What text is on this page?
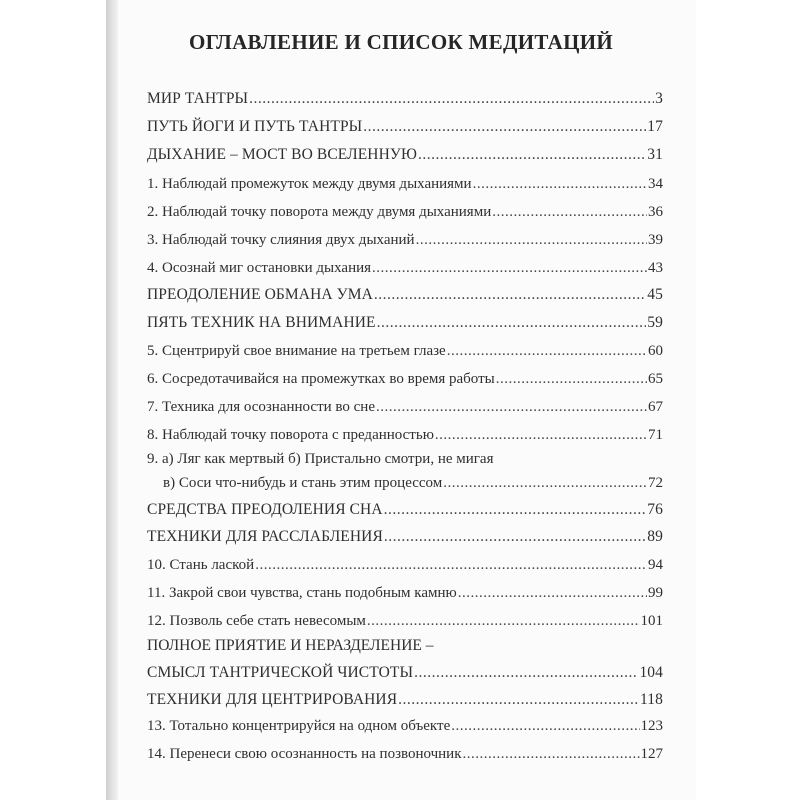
ОГЛАВЛЕНИЕ И СПИСОК МЕДИТАЦИЙ
МИР ТАНТРЫ .....	3
ПУТЬ ЙОГИ И ПУТЬ ТАНТРЫ .....	17
ДЫХАНИЕ – МОСТ ВО ВСЕЛЕННУЮ .....	31
1. Наблюдай промежуток между двумя дыханиями .....	34
2. Наблюдай точку поворота между двумя дыханиями .....	36
3. Наблюдай точку слияния двух дыханий .....	39
4. Осознай миг остановки дыхания .....	43
ПРЕОДОЛЕНИЕ ОБМАНА УМА .....	45
ПЯТЬ ТЕХНИК НА ВНИМАНИЕ .....	59
5. Сцентрируй свое внимание на третьем глазе .....	60
6. Сосредотачивайся на промежутках во время работы .....	65
7. Техника для осознанности во сне .....	67
8. Наблюдай точку поворота с преданностью .....	71
9. а) Ляг как мертвый б) Пристально смотри, не мигая
в) Соси что-нибудь и стань этим процессом .....	72
СРЕДСТВА ПРЕОДОЛЕНИЯ СНА .....	76
ТЕХНИКИ ДЛЯ РАССЛАБЛЕНИЯ .....	89
10. Стань лаской .....	94
11. Закрой свои чувства, стань подобным камню .....	99
12. Позволь себе стать невесомым .....	101
ПОЛНОЕ ПРИЯТИЕ И НЕРАЗДЕЛЕНИЕ –
СМЫСЛ ТАНТРИЧЕСКОЙ ЧИСТОТЫ .....	104
ТЕХНИКИ ДЛЯ ЦЕНТРИРОВАНИЯ .....	118
13. Тотально концентрируйся на одном объекте .....	123
14. Перенеси свою осознанность на позвоночник .....	127
